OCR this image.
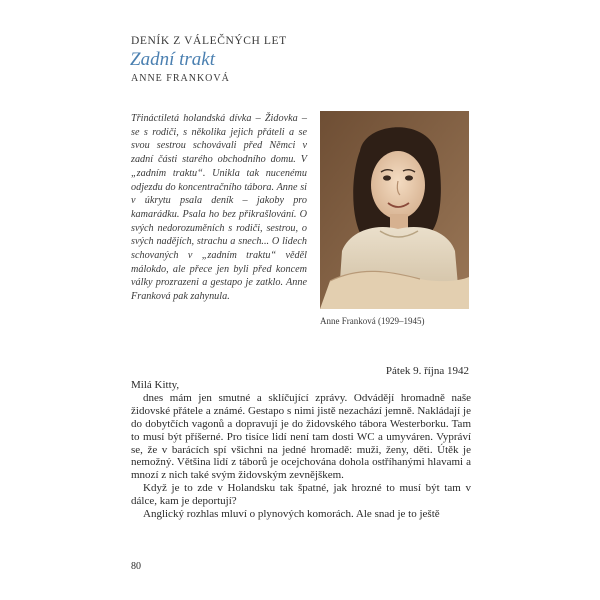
DENÍK Z VÁLEČNÝCH LET
Zadní trakt
ANNE FRANKOVÁ

Třináctiletá holandská dívka – Židovka – se s rodiči, s několika jejich přáteli a se svou sestrou schovávali před Němci v zadní části starého obchodního domu. V „zadním traktu“. Unikla tak nucenému odjezdu do koncentračního tábora. Anne si v úkrytu psala deník – jakoby pro kamarádku. Psala ho bez přikrašlování. O svých nedorozuměních s rodiči, sestrou, o svých nadějích, strachu a snech... O lidech schovaných v „zadním traktu“ věděl málokdo, ale přece jen byli před koncem války prozrazeni a gestapo je zatklo. Anne Franková pak zahynula.

Anne Franková (1929–1945)
Pátek 9. října 1942

Milá Kitty,

dnes mám jen smutné a sklíčující zprávy. Odvádějí hromadně naše židovské přátele a známé. Gestapo s nimi jistě nezachází jemně. Nakládají je do dobytčích vagonů a dopravují je do židovského tábora Westerborku. Tam to musí být příšerné. Pro tisíce lidí není tam dosti WC a umyváren. Vypráví se, že v barácích spí všichni na jedné hromadě: muži, ženy, děti. Útěk je nemožný. Většina lidí z táborů je ocejchována dohola ostříhanými hlavami a mnozí z nich také svým židovským zevnějškem.

Když je to zde v Holandsku tak špatné, jak hrozné to musí být tam v dálce, kam je deportují?

Anglický rozhlas mluví o plynových komorách. Ale snad je to ještě

80
